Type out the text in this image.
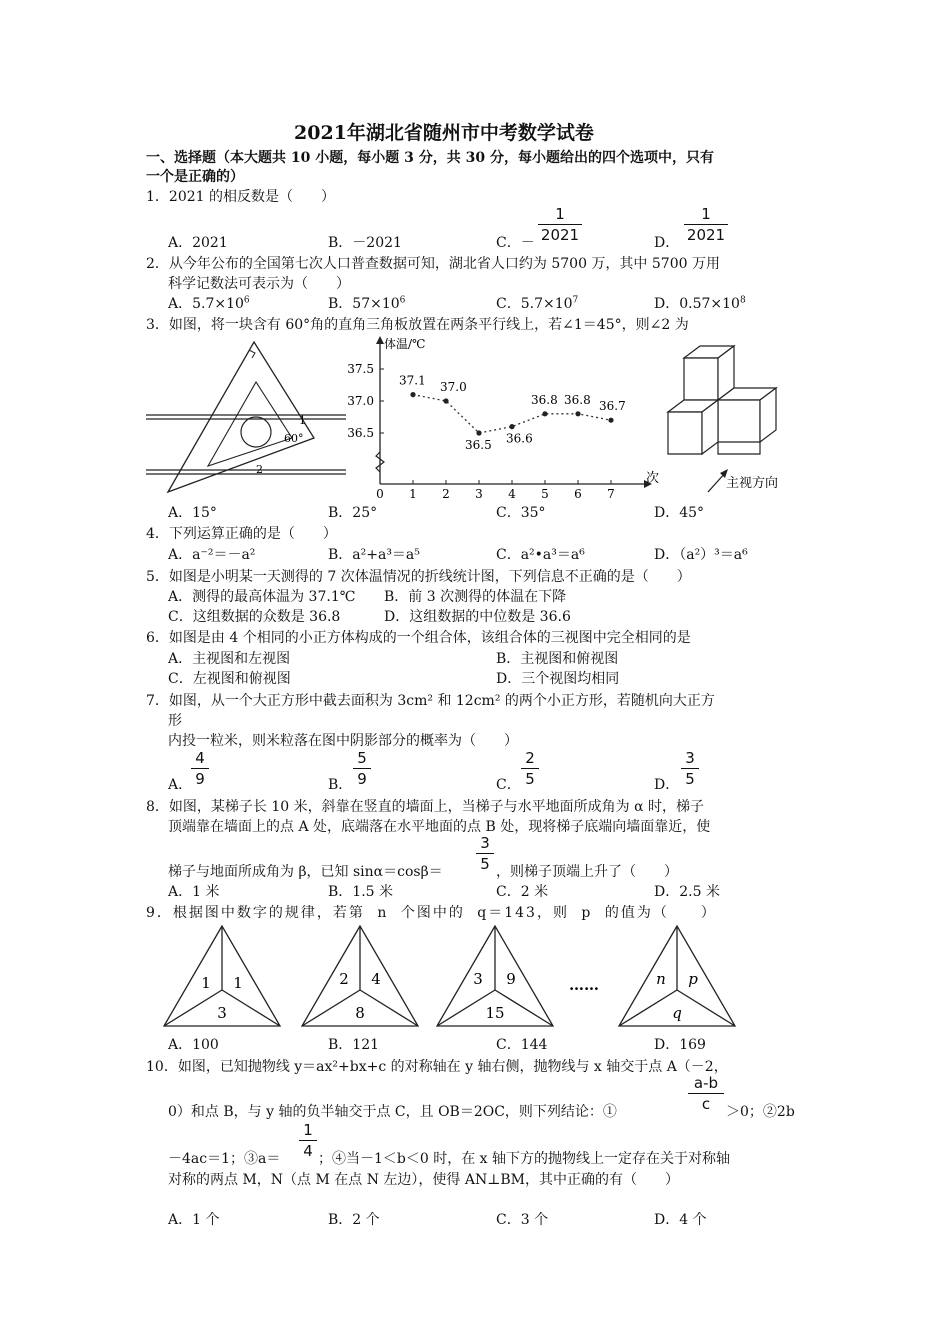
2021年湖北省随州市中考数学试卷
一、选择题（本大题共 10 小题，每小题 3 分，共 30 分，每小题给出的四个选项中，只有
一个是正确的）
1．2021 的相反数是（　　）
A．2021	B．－2021	C．－
1
2021	D．
1
2021
2．从今年公布的全国第七次人口普查数据可知，湖北省人口约为 5700 万，其中 5700 万用
科学记数法可表示为（　　）
A．$5.7\times 10^6$	B．$57\times 10^6$	C．$5.7\times 10^7$	D．$0.57\times 10^8$
3．如图，将一块含有 60°角的直角三角板放置在两条平行线上，若∠1＝45°，则∠2 为
1
60°
2
体温/℃
次
37.5
37.0
36.5
0 1 2 3 4 5 6 7
37.1 37.0
36.5 36.6
36.8 36.8 36.7
主视方向
A．15°	B．25°	C．35°	D．45°
4．下列运算正确的是（　　）
A．a⁻²＝－a²	B．a²+a³＝a⁵	C．a²•a³＝a⁶	D．（a²）³＝a⁶
5．如图是小明某一天测得的 7 次体温情况的折线统计图，下列信息不正确的是（　　）
A．测得的最高体温为 37.1℃ B．前 3 次测得的体温在下降
C．这组数据的众数是 36.8	D．这组数据的中位数是 36.6
6．如图是由 4 个相同的小正方体构成的一个组合体，该组合体的三视图中完全相同的是
A．主视图和左视图	B．主视图和俯视图
C．左视图和俯视图	D．三个视图均相同
7．如图，从一个大正方形中截去面积为 3cm² 和 12cm² 的两个小正方形，若随机向大正方
形
内投一粒米，则米粒落在图中阴影部分的概率为（　　）
A．
4
9	B．
5
9	C．
2
5	D．
3
5
8．如图，某梯子长 10 米，斜靠在竖直的墙面上，当梯子与水平地面所成角为 α 时，梯子
顶端靠在墙面上的点 A 处，底端落在水平地面的点 B 处，现将梯子底端向墙面靠近，使
梯子与地面所成角为 β，已知 sinα＝cosβ＝
3
5 ，则梯子顶端上升了（　　）
A．1 米	B．1.5 米	C．2 米	D．2.5 米
9．根据图中数字的规律，若第 n 个图中的 q＝143，则 p 的值为（　　）
1 1
3
2 4
8
3 9
15
n p
q
……
A．100	B．121	C．144	D．169
10．如图，已知抛物线 y＝ax²+bx+c 的对称轴在 y 轴右侧，抛物线与 x 轴交于点 A（－2，
0）和点 B，与 y 轴的负半轴交于点 C，且 OB＝2OC，则下列结论：①
a-b
c	＞0；②2b
－4ac＝1；③a＝
1
4 ；④当－1＜b＜0 时，在 x 轴下方的抛物线上一定存在关于对称轴
对称的两点 M，N（点 M 在点 N 左边），使得 AN⊥BM，其中正确的有（　　）
A．1 个	B．2 个	C．3 个	D．4 个
